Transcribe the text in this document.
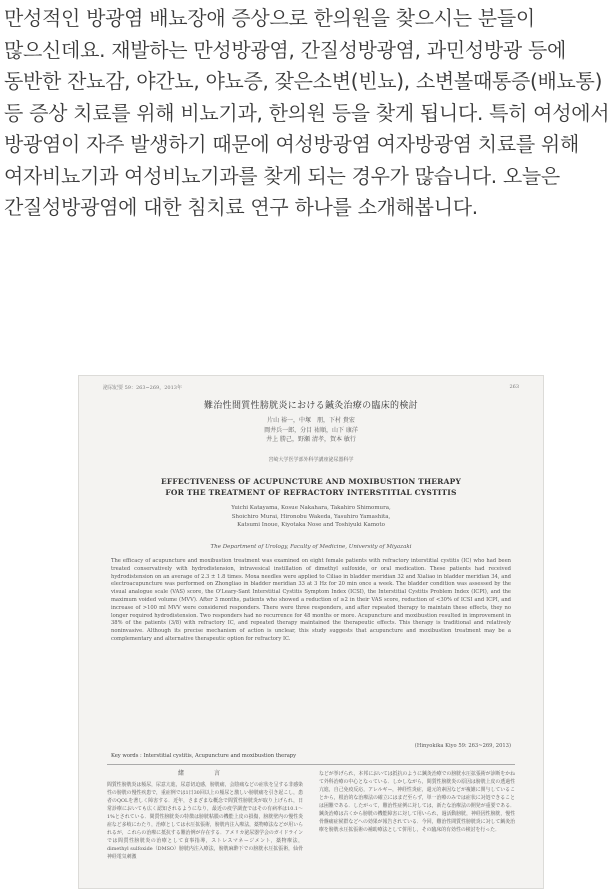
만성적인 방광염 배뇨장애 증상으로 한의원을 찾으시는 분들이 많으신데요. 재발하는 만성방광염, 간질성방광염, 과민성방광 등에 동반한 잔뇨감, 야간뇨, 야뇨증, 잦은소변(빈뇨), 소변볼때통증(배뇨통) 등 증상 치료를 위해 비뇨기과, 한의원 등을 찾게 됩니다. 특히 여성에서 방광염이 자주 발생하기 때문에 여성방광염 여자방광염 치료를 위해 여자비뇨기과 여성비뇨기과를 찾게 되는 경우가 많습니다. 오늘은 간질성방광염에 대한 침치료 연구 하나를 소개해봅니다.
泌尿紀要 59：263~269，2013年	263
難治性間質性膀胱炎における鍼灸治療の臨床的検討
片山 裕一，中塚　朋，下村 貴宏
岡井兵一郎，分目 祐順，山下 康洋
井上 勝己，野瀬 清孝，賀本 敏行
宮崎大学医学部外科学講座泌尿器科学
EFFECTIVENESS OF ACUPUNCTURE AND MOXIBUSTION THERAPY
FOR THE TREATMENT OF REFRACTORY INTERSTITIAL CYSTITIS
Yuichi Katayama, Kosue Nakahara, Takahiro Shimomura,
Shoichiro Murai, Hironobu Wakeda, Yasuhiro Yamashita,
Katsumi Inoue, Kiyotaka Nose and Toshiyuki Kamoto
The Department of Urology, Faculty of Medicine, University of Miyazaki
The efficacy of acupuncture and moxibustion treatment was examined on eight female patients with refractory interstitial cystitis (IC) who had been treated conservatively with hydrodistension, intravesical instillation of dimethyl sulfoxide, or oral medication. These patients had received hydrodistension on an average of 2.3 ± 1.8 times. Moxa needles were applied to Ciliao in bladder meridian 32 and Xialiao in bladder meridian 34, and electroacupuncture was performed on Zhongliao in bladder meridian 33 at 3 Hz for 20 min once a week. The bladder condition was assessed by the visual analogue scale (VAS) score, the O'Leary-Sant Interstitial Cystitis Symptom Index (ICSI), the Interstitial Cystitis Problem Index (ICPI), and the maximum voided volume (MVV). After 3 months, patients who showed a reduction of ≥2 in their VAS score, reduction of <30% of ICSI and ICPI, and increase of >100 ml MVV were considered responders. There were three responders, and after repeated therapy to maintain these effects, they no longer required hydrodistension. Two responders had no recurrence for 48 months or more. Acupuncture and moxibustion resulted in improvement in 38% of the patients (3/8) with refractory IC, and repeated therapy maintained the therapeutic effects. This therapy is traditional and relatively noninvasive. Although its precise mechanism of action is unclear, this study suggests that acupuncture and moxibustion treatment may be a complementary and alternative therapeutic option for refractory IC.
(Hinyokika Kiyo 59: 263~269, 2013)
Key words : Interstitial cystitis, Acupuncture and moxibustion therapy
緒　言
間質性膀胱炎は頻尿，尿意亢進，尿意切迫感，膀胱痛，会陰痛などの症状を呈する非感染性の膀胱の慢性疾患で，重症例では1日30回以上の頻尿と激しい膀胱痛を引き起こし，患者のQOLを著しく障害する．近年，さまざまな概念で間質性膀胱炎が取り上げられ，日常診療においても広く認知されるようになり，最近の疫学調査ではその有病率は10.1～1%とされている．間質性膀胱炎の特徴は膀胱粘膜の機能上皮の損傷，膀胱壁内の慢性炎症など多岐にわたり，治療としては水圧拡張術，膀胱内注入療法，薬物療法などが用いられるが，これらの治療に抵抗する難治例が存在する．アメリカ泌尿器学会のガイドラインでは間質性膀胱炎の治療として食事指導，ストレスマネージメント，薬物療法，dimethyl sulfoxide（DMSO）膀胱内注入療法，膀胱麻酔下での膀胱水圧拡張術，仙骨神経電気刺激
などが挙げられ，本邦においては抵抗のように鍼灸治療での膀胱水圧拡張術が診断をかねて外科治療の中心となっている．しかしながら，間質性膀胱炎の原因は膀胱上皮の透過性亢進，自己免疫反応，アレルギー，神経性炎症，還元的素因などが複雑に関与していることから，根治的な治療法の確立にはまだ至らず，単一治療のみでは症状に対処できることは困難である．したがって，難治性症例に対しては，新たな治療法の開発が重要である．鍼灸治療は古くから膀胱の機能障害に対して用いられ，過活動膀胱，神経因性膀胱，慢性骨盤痛症候群などへの効果が報告されている．今回，難治性間質性膀胱炎に対して鍼灸治療を膀胱水圧拡張術の補助療法として併用し，その臨床的有効性の検討を行った．
